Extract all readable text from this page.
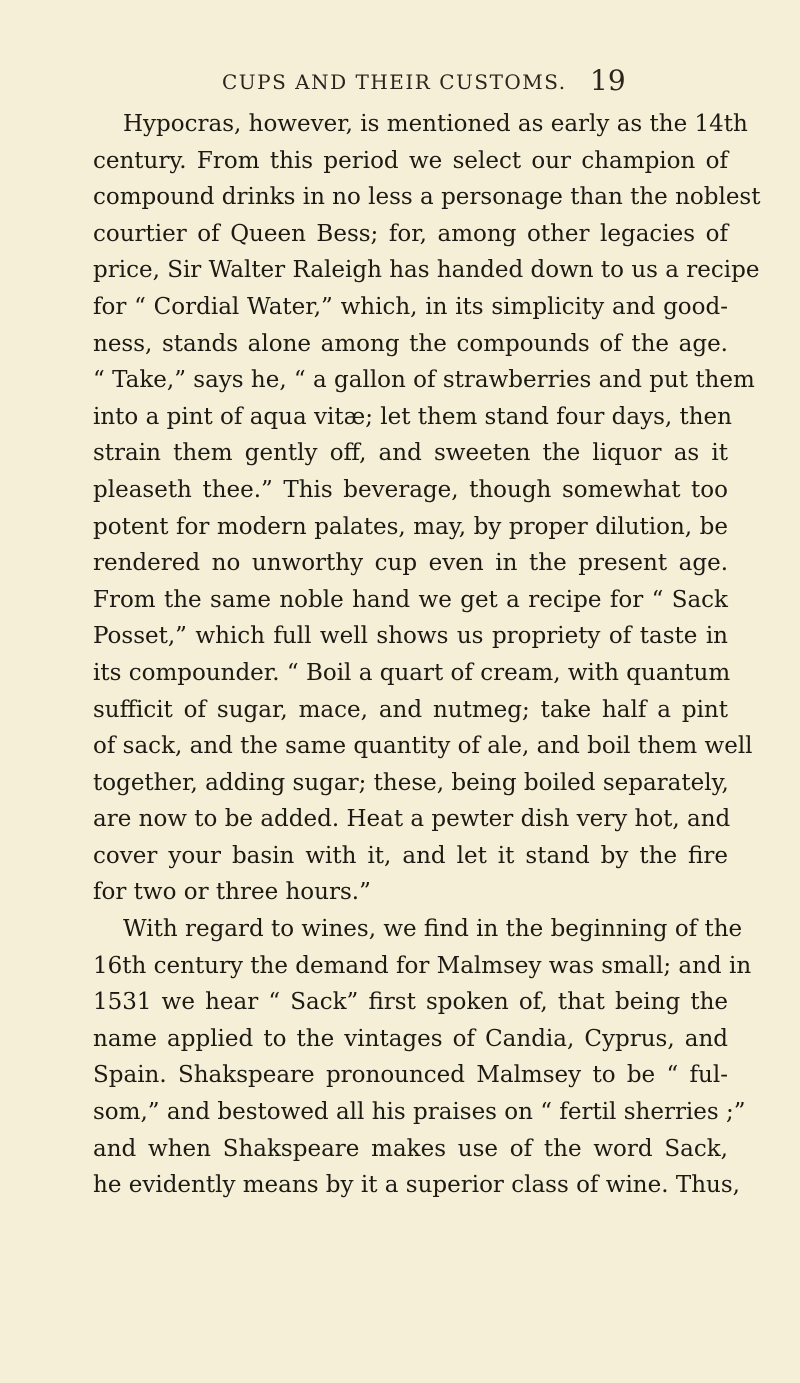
CUPS AND THEIR CUSTOMS. 19
Hypocras, however, is mentioned as early as the 14th
century. From this period we select our champion of
compound drinks in no less a personage than the noblest
courtier of Queen Bess; for, among other legacies of
price, Sir Walter Raleigh has handed down to us a recipe
for “ Cordial Water,” which, in its simplicity and good-
ness, stands alone among the compounds of the age.
“ Take,” says he, “ a gallon of strawberries and put them
into a pint of aqua vitæ; let them stand four days, then
strain them gently off, and sweeten the liquor as it
pleaseth thee.” This beverage, though somewhat too
potent for modern palates, may, by proper dilution, be
rendered no unworthy cup even in the present age.
From the same noble hand we get a recipe for “ Sack
Posset,” which full well shows us propriety of taste in
its compounder. “ Boil a quart of cream, with quantum
sufficit of sugar, mace, and nutmeg; take half a pint
of sack, and the same quantity of ale, and boil them well
together, adding sugar; these, being boiled separately,
are now to be added. Heat a pewter dish very hot, and
cover your basin with it, and let it stand by the fire
for two or three hours.”
With regard to wines, we find in the beginning of the
16th century the demand for Malmsey was small; and in
1531 we hear “ Sack” first spoken of, that being the
name applied to the vintages of Candia, Cyprus, and
Spain. Shakspeare pronounced Malmsey to be “ ful-
som,” and bestowed all his praises on “ fertil sherries ;”
and when Shakspeare makes use of the word Sack,
he evidently means by it a superior class of wine. Thus,
